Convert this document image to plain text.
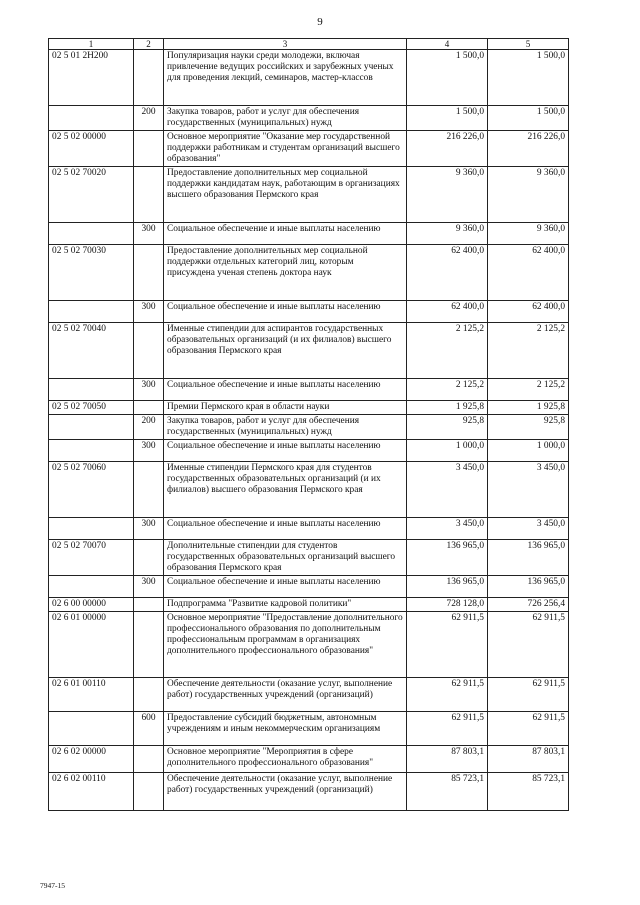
9
1	2	3	4	5
02 5 01 2Н200		Популяризация науки среди молодежи, включая привлечение ведущих российских и зарубежных ученых для проведения лекций, семинаров, мастер-классов	1 500,0	1 500,0
	200	Закупка товаров, работ и услуг для обеспечения государственных (муниципальных) нужд	1 500,0	1 500,0
02 5 02 00000		Основное мероприятие "Оказание мер государственной поддержки работникам и студентам организаций высшего образования"	216 226,0	216 226,0
02 5 02 70020		Предоставление дополнительных мер социальной поддержки кандидатам наук, работающим в организациях высшего образования Пермского края	9 360,0	9 360,0
	300	Социальное обеспечение и иные выплаты населению	9 360,0	9 360,0
02 5 02 70030		Предоставление дополнительных мер социальной поддержки отдельных категорий лиц, которым присуждена ученая степень доктора наук	62 400,0	62 400,0
	300	Социальное обеспечение и иные выплаты населению	62 400,0	62 400,0
02 5 02 70040		Именные стипендии для аспирантов государственных образовательных организаций (и их филиалов) высшего образования Пермского края	2 125,2	2 125,2
	300	Социальное обеспечение и иные выплаты населению	2 125,2	2 125,2
02 5 02 70050		Премии Пермского края в области науки	1 925,8	1 925,8
	200	Закупка товаров, работ и услуг для обеспечения государственных (муниципальных) нужд	925,8	925,8
	300	Социальное обеспечение и иные выплаты населению	1 000,0	1 000,0
02 5 02 70060		Именные стипендии Пермского края для студентов государственных образовательных организаций (и их филиалов) высшего образования Пермского края	3 450,0	3 450,0
	300	Социальное обеспечение и иные выплаты населению	3 450,0	3 450,0
02 5 02 70070		Дополнительные стипендии для студентов государственных образовательных организаций высшего образования Пермского края	136 965,0	136 965,0
	300	Социальное обеспечение и иные выплаты населению	136 965,0	136 965,0
02 6 00 00000		Подпрограмма "Развитие кадровой политики"	728 128,0	726 256,4
02 6 01 00000		Основное мероприятие "Предоставление дополнительного профессионального образования по дополнительным профессиональным программам в организациях дополнительного профессионального образования"	62 911,5	62 911,5
02 6 01 00110		Обеспечение деятельности (оказание услуг, выполнение работ) государственных учреждений (организаций)	62 911,5	62 911,5
	600	Предоставление субсидий бюджетным, автономным учреждениям и иным некоммерческим организациям	62 911,5	62 911,5
02 6 02 00000		Основное мероприятие "Мероприятия в сфере дополнительного профессионального образования"	87 803,1	87 803,1
02 6 02 00110		Обеспечение деятельности (оказание услуг, выполнение работ) государственных учреждений (организаций)	85 723,1	85 723,1
7947-15
